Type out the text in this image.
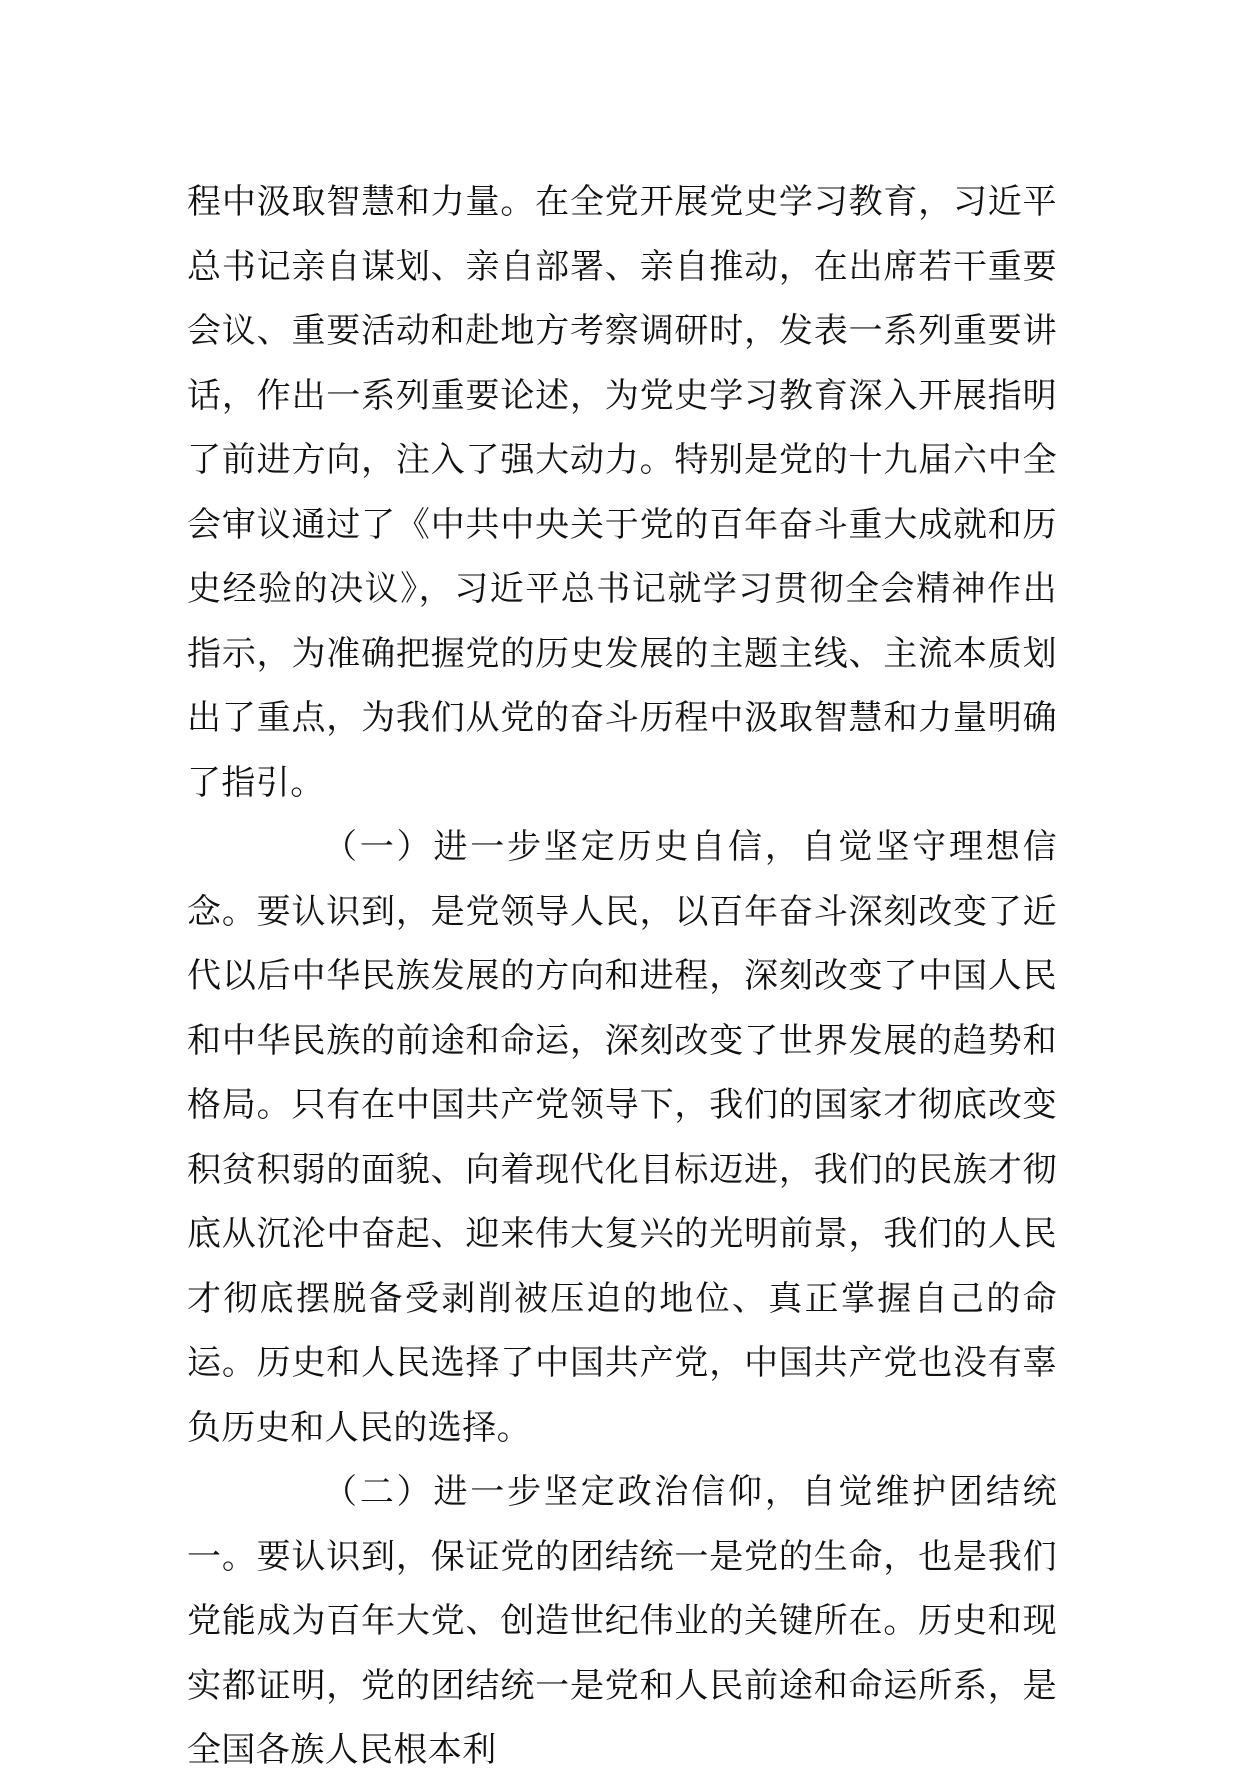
程中汲取智慧和力量。在全党开展党史学习教育，习近平总书记亲自谋划、亲自部署、亲自推动，在出席若干重要会议、重要活动和赴地方考察调研时，发表一系列重要讲话，作出一系列重要论述，为党史学习教育深入开展指明了前进方向，注入了强大动力。特别是党的十九届六中全会审议通过了《中共中央关于党的百年奋斗重大成就和历史经验的决议》，习近平总书记就学习贯彻全会精神作出指示，为准确把握党的历史发展的主题主线、主流本质划出了重点，为我们从党的奋斗历程中汲取智慧和力量明确了指引。

（一）进一步坚定历史自信，自觉坚守理想信念。要认识到，是党领导人民，以百年奋斗深刻改变了近代以后中华民族发展的方向和进程，深刻改变了中国人民和中华民族的前途和命运，深刻改变了世界发展的趋势和格局。只有在中国共产党领导下，我们的国家才彻底改变积贫积弱的面貌、向着现代化目标迈进，我们的民族才彻底从沉沦中奋起、迎来伟大复兴的光明前景，我们的人民才彻底摆脱备受剥削被压迫的地位、真正掌握自己的命运。历史和人民选择了中国共产党，中国共产党也没有辜负历史和人民的选择。

（二）进一步坚定政治信仰，自觉维护团结统一。要认识到，保证党的团结统一是党的生命，也是我们党能成为百年大党、创造世纪伟业的关键所在。历史和现实都证明，党的团结统一是党和人民前途和命运所系，是全国各族人民根本利
